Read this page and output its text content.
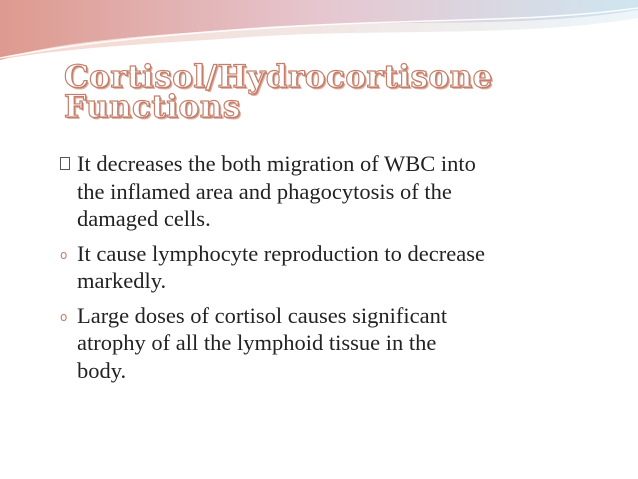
Cortisol/Hydrocortisone
Functions
It decreases the both migration of WBC into
the inflamed area and phagocytosis of the
damaged cells.
o It cause lymphocyte reproduction to decrease
markedly.
o Large doses of cortisol causes significant
atrophy of all the lymphoid tissue in the
body.
